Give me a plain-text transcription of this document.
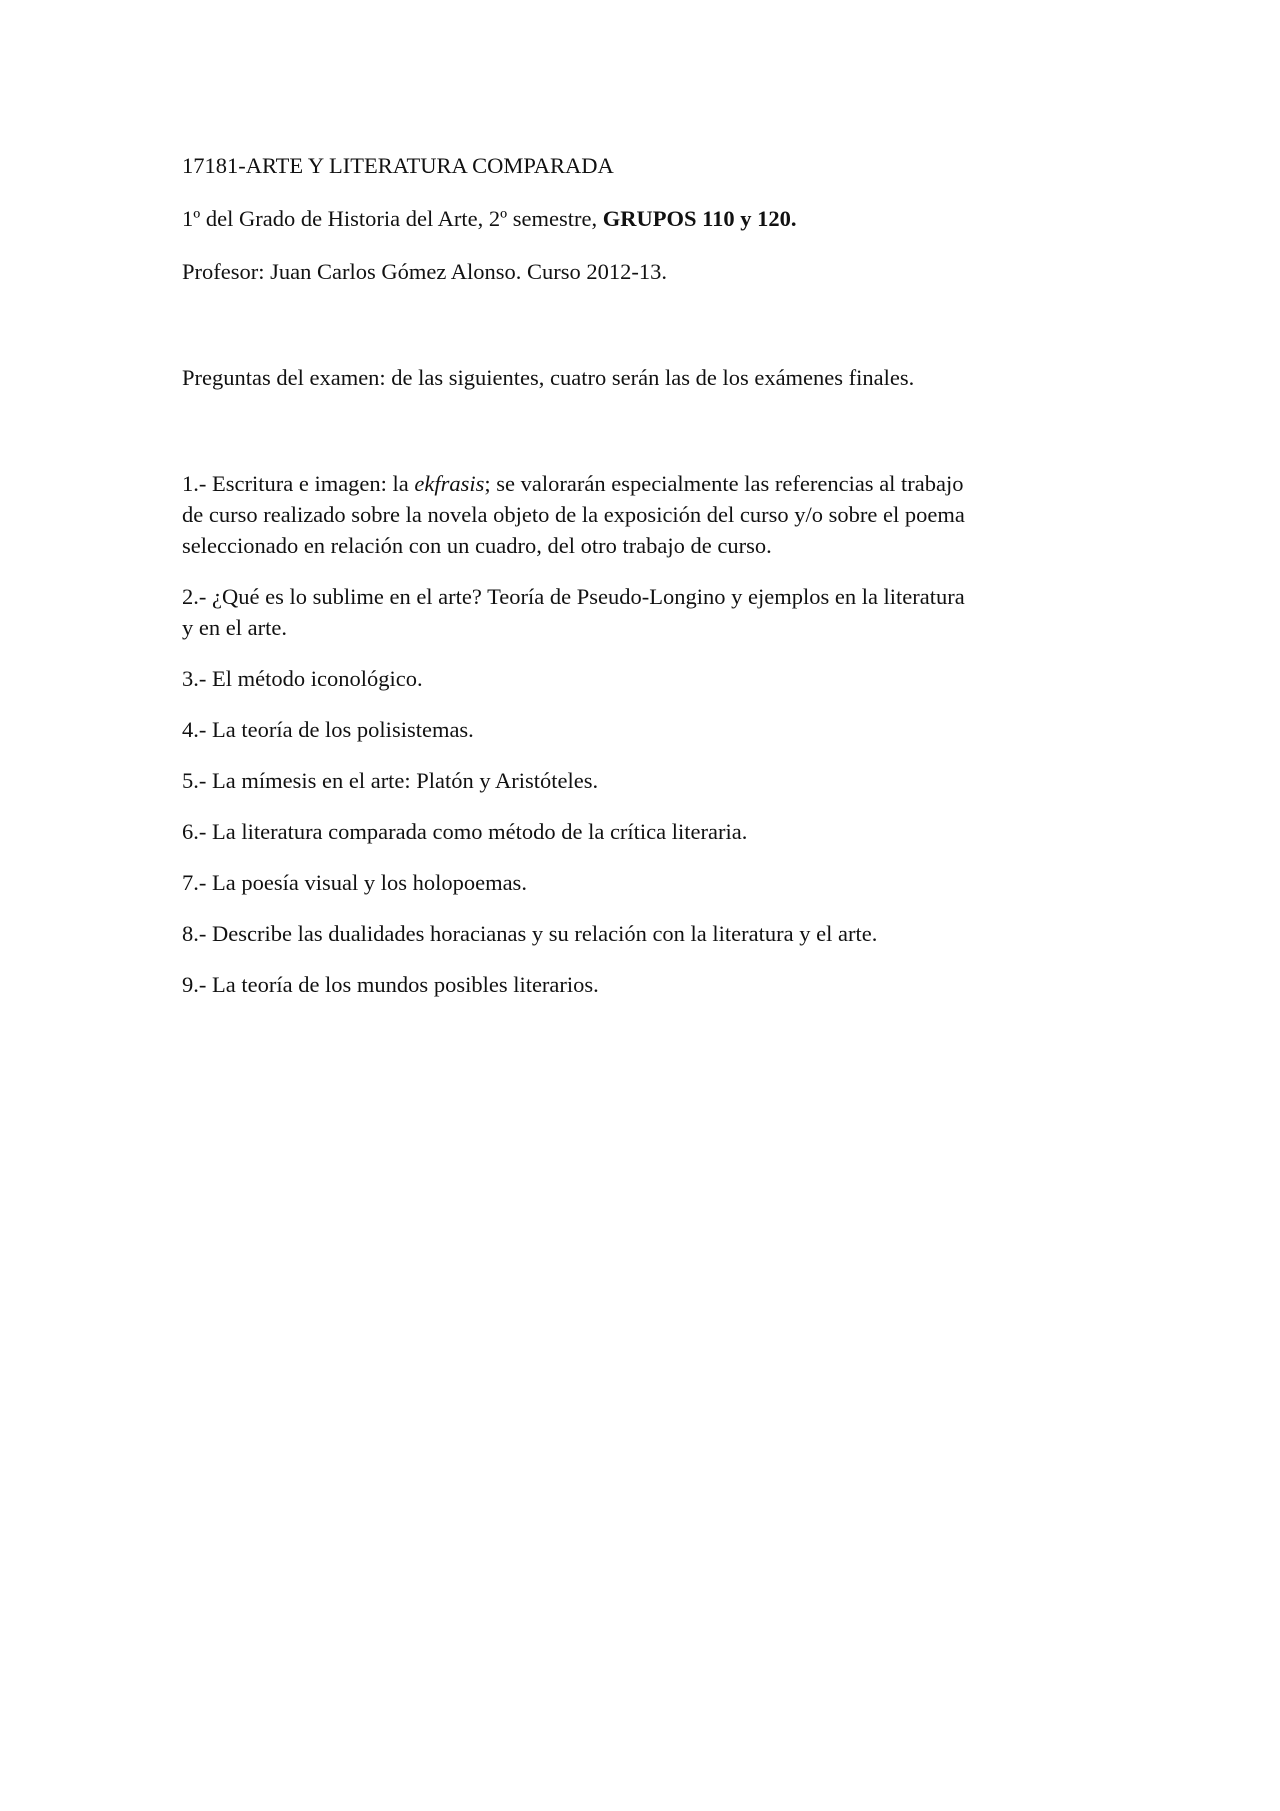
17181-ARTE Y LITERATURA COMPARADA

1º del Grado de Historia del Arte, 2º semestre, GRUPOS 110 y 120.

Profesor: Juan Carlos Gómez Alonso. Curso 2012-13.

Preguntas del examen: de las siguientes, cuatro serán las de los exámenes finales.

1.- Escritura e imagen: la ekfrasis; se valorarán especialmente las referencias al trabajo
de curso realizado sobre la novela objeto de la exposición del curso y/o sobre el poema
seleccionado en relación con un cuadro, del otro trabajo de curso.
2.- ¿Qué es lo sublime en el arte? Teoría de Pseudo-Longino y ejemplos en la literatura
y en el arte.

3.- El método iconológico.

4.- La teoría de los polisistemas.

5.- La mímesis en el arte: Platón y Aristóteles.

6.- La literatura comparada como método de la crítica literaria.

7.- La poesía visual y los holopoemas.

8.- Describe las dualidades horacianas y su relación con la literatura y el arte.

9.- La teoría de los mundos posibles literarios.
